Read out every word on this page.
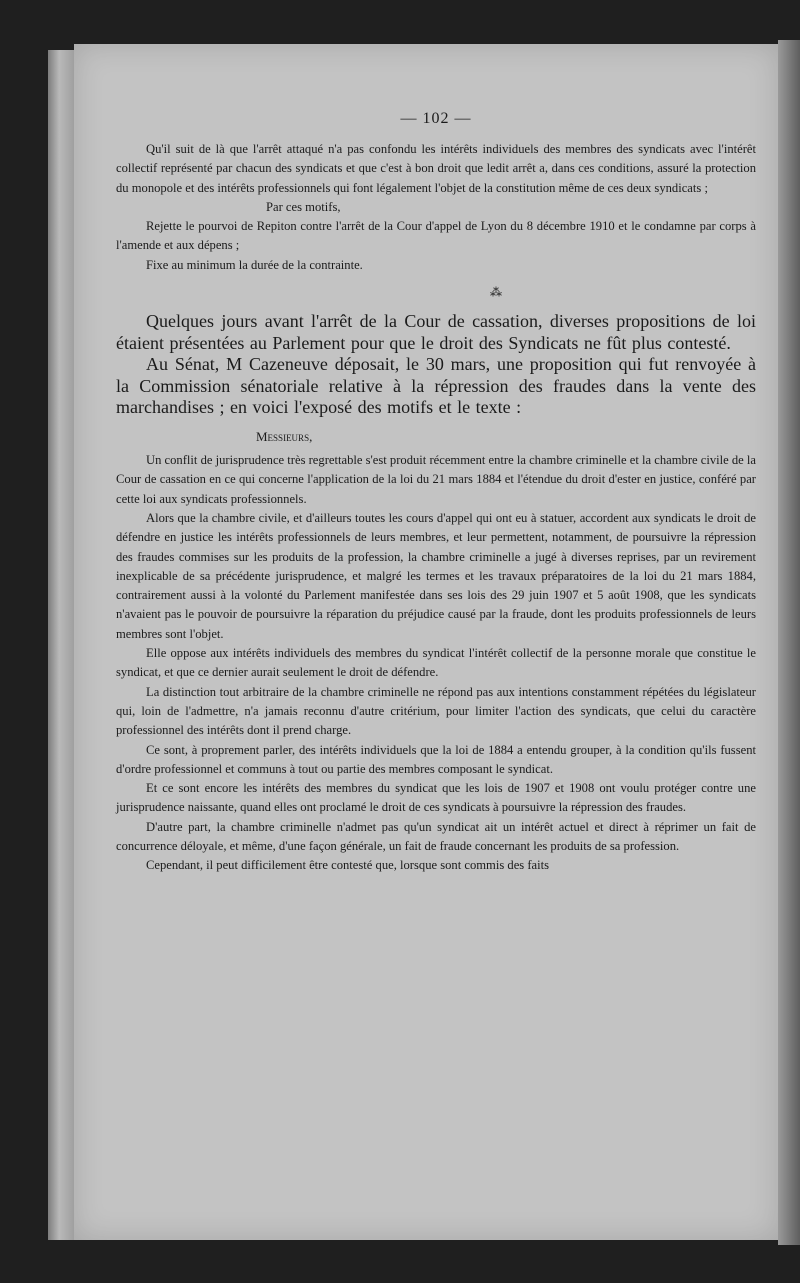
— 102 —

Qu'il suit de là que l'arrêt attaqué n'a pas confondu les intérêts individuels des membres des syndicats avec l'intérêt collectif représenté par chacun des syndicats et que c'est à bon droit que ledit arrêt a, dans ces conditions, assuré la protection du monopole et des intérêts professionnels qui font légalement l'objet de la constitution même de ces deux syndicats ;

Par ces motifs,

Rejette le pourvoi de Repiton contre l'arrêt de la Cour d'appel de Lyon du 8 décembre 1910 et le condamne par corps à l'amende et aux dépens ;

Fixe au minimum la durée de la contrainte.

⁂

Quelques jours avant l'arrêt de la Cour de cassation, diverses propositions de loi étaient présentées au Parlement pour que le droit des Syndicats ne fût plus contesté.

Au Sénat, M Cazeneuve déposait, le 30 mars, une proposition qui fut renvoyée à la Commission sénatoriale relative à la répression des fraudes dans la vente des marchandises ; en voici l'exposé des motifs et le texte :

Messieurs,

Un conflit de jurisprudence très regrettable s'est produit récemment entre la chambre criminelle et la chambre civile de la Cour de cassation en ce qui concerne l'application de la loi du 21 mars 1884 et l'étendue du droit d'ester en justice, conféré par cette loi aux syndicats professionnels.

Alors que la chambre civile, et d'ailleurs toutes les cours d'appel qui ont eu à statuer, accordent aux syndicats le droit de défendre en justice les intérêts professionnels de leurs membres, et leur permettent, notamment, de poursuivre la répression des fraudes commises sur les produits de la profession, la chambre criminelle a jugé à diverses reprises, par un revirement inexplicable de sa précédente jurisprudence, et malgré les termes et les travaux préparatoires de la loi du 21 mars 1884, contrairement aussi à la volonté du Parlement manifestée dans ses lois des 29 juin 1907 et 5 août 1908, que les syndicats n'avaient pas le pouvoir de poursuivre la réparation du préjudice causé par la fraude, dont les produits professionnels de leurs membres sont l'objet.

Elle oppose aux intérêts individuels des membres du syndicat l'intérêt collectif de la personne morale que constitue le syndicat, et que ce dernier aurait seulement le droit de défendre.

La distinction tout arbitraire de la chambre criminelle ne répond pas aux intentions constamment répétées du législateur qui, loin de l'admettre, n'a jamais reconnu d'autre critérium, pour limiter l'action des syndicats, que celui du caractère professionnel des intérêts dont il prend charge.

Ce sont, à proprement parler, des intérêts individuels que la loi de 1884 a entendu grouper, à la condition qu'ils fussent d'ordre professionnel et communs à tout ou partie des membres composant le syndicat.

Et ce sont encore les intérêts des membres du syndicat que les lois de 1907 et 1908 ont voulu protéger contre une jurisprudence naissante, quand elles ont proclamé le droit de ces syndicats à poursuivre la répression des fraudes.

D'autre part, la chambre criminelle n'admet pas qu'un syndicat ait un intérêt actuel et direct à réprimer un fait de concurrence déloyale, et même, d'une façon générale, un fait de fraude concernant les produits de sa profession.

Cependant, il peut difficilement être contesté que, lorsque sont commis des faits
